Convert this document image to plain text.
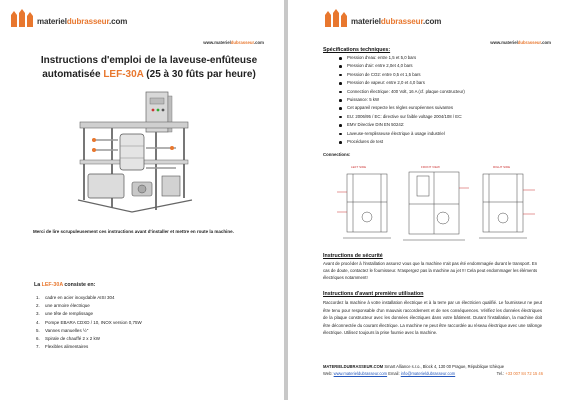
materieldubrasseur.com
www.materieldubrasseur.com
Instructions d'emploi de la laveuse-enfûteuse
automatisée LEF-30A (25 à 30 fûts par heure)
Merci de lire scrupuleusement ces instructions avant d'installer et mettre en route la machine.
La LEF-30A consiste en:
1. cadre en acier inoxydable AISI 304
2. une armoire électrique
3. une tête de remplissage
4. Pompe EBARA CDXD / 10, INOX version 0,75W
5. Vannes manuelles ½"
6. Spirale de chauffé 2 x 2 kW
7. Flexibles alimentaires
materieldubrasseur.com
www.materieldubrasseur.com
Spécifications techniques:
Pression d'eau: entre 1,5 et 5,0 bars
Pression d'air: entre 2,0et 4,0 bars
Pression de CO2: entre 0,5 et 1,5 bars
Pression de vapeur: entre 2,0 et 4,0 bars
Connection électrique: 400 Volt, 16 A (cf. plaque constructeur)
Puissance: 5 kW
Cet appareil respecte les règles européennes suivantes
EU: 2006/95 / EC: directive sur faible voltage 2004/108 / EC:
EMV Directive DIN EN 50242:
Laveuse-remplisseuse électrique à usage industriel
Procédures de test
Connections:
LEFT SIDE	FRONT VIEW	RIGHT SIDE
Instructions de sécurité
Avant de procéder à l'installation assurez vous que la machine n'ait pas été endommagée durant le transport. En cas de doute, contactez le fournisseur. N'aspergez pas la machine au jet !!! Cela peut endommager les éléments électriques notamment!
Instructions d'avant première utilisation
Raccordez la machine à votre installation électrique et à la terre par un électricien qualifié. Le fournisseur ne peut être tenu pour responsable d'un mauvais raccordement et de ses conséquences. Vérifiez les données électriques de la plaque constructeur avec les données électriques dans votre bâtiment. Durant l'installation, la machine doit être déconnectée du courant électrique. La machine ne peut être raccordée au réseau électrique avec une rallonge électrique. Utilisez toujours la prise fournie avec la machine.
MATERIELDUBRASSEUR.COM Smart Alliance s.r.o., Block 4, 130 00 Prague, République tchèque
Web: www.materieldubrasseur.com Email: info@materieldubrasseur.com	Tel.: +33 007 84 72 15 46
